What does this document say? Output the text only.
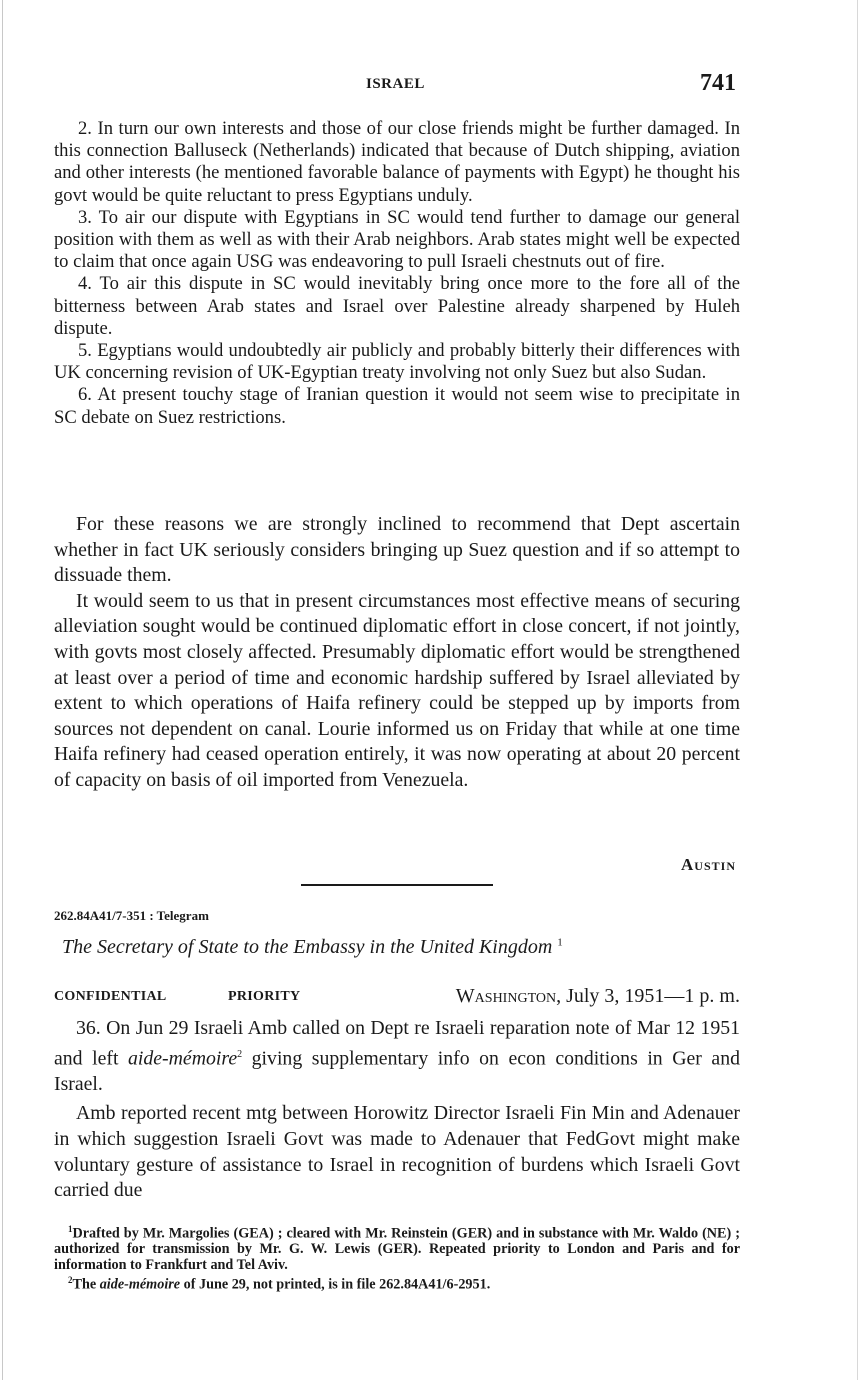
ISRAEL	741

2. In turn our own interests and those of our close friends might be further damaged. In this connection Balluseck (Netherlands) indicated that because of Dutch shipping, aviation and other interests (he mentioned favorable balance of payments with Egypt) he thought his govt would be quite reluctant to press Egyptians unduly.

3. To air our dispute with Egyptians in SC would tend further to damage our general position with them as well as with their Arab neighbors. Arab states might well be expected to claim that once again USG was endeavoring to pull Israeli chestnuts out of fire.

4. To air this dispute in SC would inevitably bring once more to the fore all of the bitterness between Arab states and Israel over Palestine already sharpened by Huleh dispute.

5. Egyptians would undoubtedly air publicly and probably bitterly their differences with UK concerning revision of UK-Egyptian treaty involving not only Suez but also Sudan.

6. At present touchy stage of Iranian question it would not seem wise to precipitate in SC debate on Suez restrictions.

For these reasons we are strongly inclined to recommend that Dept ascertain whether in fact UK seriously considers bringing up Suez question and if so attempt to dissuade them.

It would seem to us that in present circumstances most effective means of securing alleviation sought would be continued diplomatic effort in close concert, if not jointly, with govts most closely affected. Presumably diplomatic effort would be strengthened at least over a period of time and economic hardship suffered by Israel alleviated by extent to which operations of Haifa refinery could be stepped up by imports from sources not dependent on canal. Lourie informed us on Friday that while at one time Haifa refinery had ceased operation entirely, it was now operating at about 20 percent of capacity on basis of oil imported from Venezuela.

Austin
262.84A41/7-351 : Telegram
The Secretary of State to the Embassy in the United Kingdom $^1$
CONFIDENTIAL	PRIORITY	Washington, July 3, 1951—1 p. m.

36. On Jun 29 Israeli Amb called on Dept re Israeli reparation note of Mar 12 1951 and left aide-mémoire$^2$ giving supplementary info on econ conditions in Ger and Israel.

Amb reported recent mtg between Horowitz Director Israeli Fin Min and Adenauer in which suggestion Israeli Govt was made to Adenauer that FedGovt might make voluntary gesture of assistance to Israel in recognition of burdens which Israeli Govt carried due

$^1$Drafted by Mr. Margolies (GEA) ; cleared with Mr. Reinstein (GER) and in substance with Mr. Waldo (NE) ; authorized for transmission by Mr. G. W. Lewis (GER). Repeated priority to London and Paris and for information to Frankfurt and Tel Aviv.

$^2$The aide-mémoire of June 29, not printed, is in file 262.84A41/6-2951.
